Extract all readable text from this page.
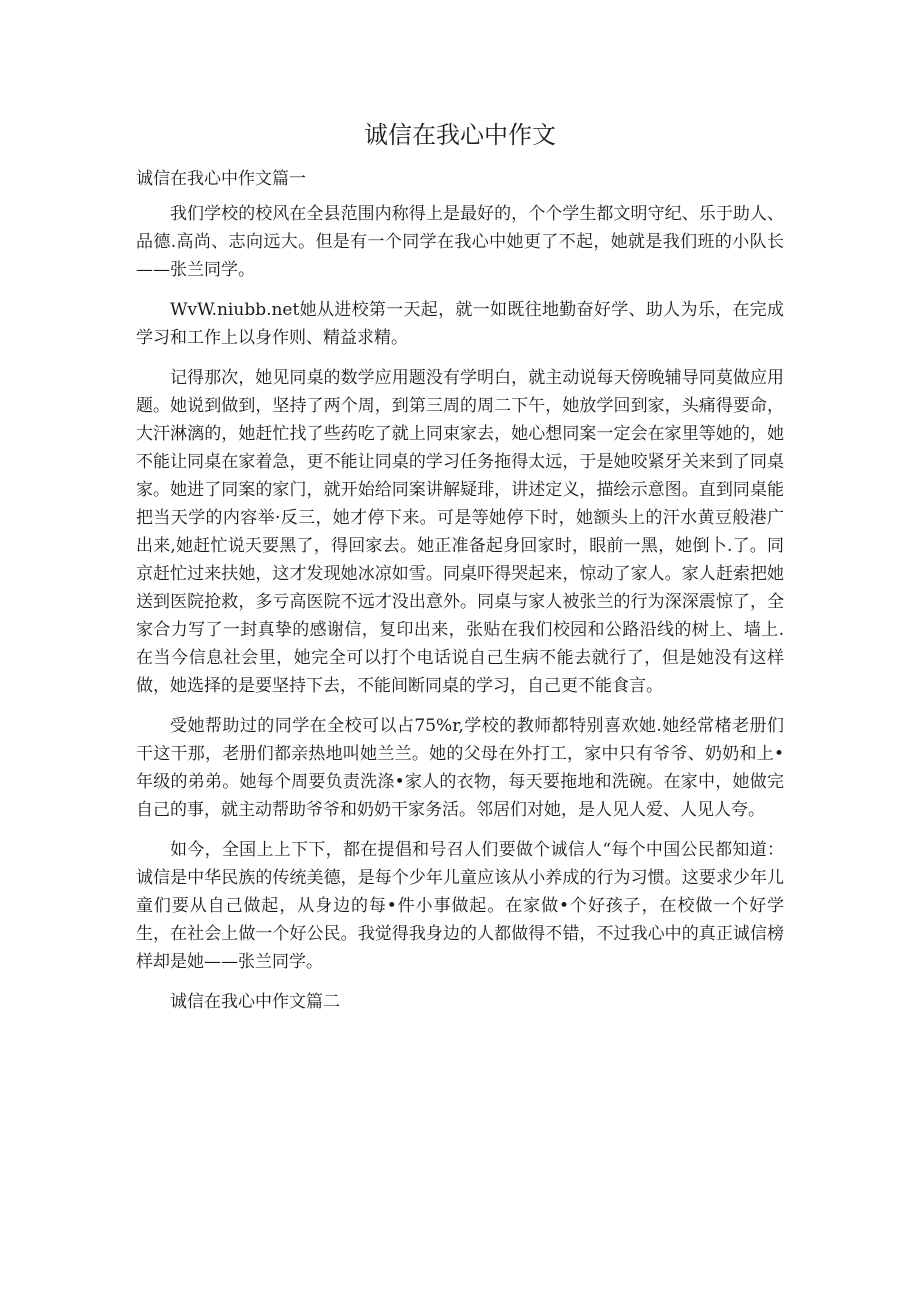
诚信在我心中作文
诚信在我心中作文篇一

我们学校的校风在全县范围内称得上是最好的，个个学生都文明守纪、乐于助人、品德.高尚、志向远大。但是有一个同学在我心中她更了不起，她就是我们班的小队长——张兰同学。

WvW.niubb.net她从进校第一天起，就一如既往地勤奋好学、助人为乐，在完成学习和工作上以身作则、精益求精。

记得那次，她见同桌的数学应用题没有学明白，就主动说每天傍晚辅导同莫做应用题。她说到做到，坚持了两个周，到第三周的周二下午，她放学回到家，头痛得要命，大汗淋漓的，她赶忙找了些药吃了就上同束家去，她心想同案一定会在家里等她的，她不能让同桌在家着急，更不能让同桌的学习任务拖得太远，于是她咬紧牙关来到了同桌家。她进了同案的家门，就开始给同案讲解疑琲，讲述定义，描绘示意图。直到同桌能把当天学的内容举·反三，她才停下来。可是等她停下时，她额头上的汗水黄豆般港广出来,她赶忙说天要黑了，得回家去。她正准备起身回家时，眼前一黑，她倒卜.了。同京赶忙过来扶她，这才发现她冰凉如雪。同桌吓得哭起来，惊动了家人。家人赶索把她送到医院抢救，多亏高医院不远才没出意外。同桌与家人被张兰的行为深深震惊了，全家合力写了一封真挚的感谢信，复印出来，张贴在我们校园和公路沿线的树上、墙上.在当今信息社会里，她完全可以打个电话说自己生病不能去就行了，但是她没有这样做，她选择的是要坚持下去，不能间断同桌的学习，自己更不能食言。

受她帮助过的同学在全校可以占75%r,学校的教师都特别喜欢她.她经常楮老册们干这干那，老册们都亲热地叫她兰兰。她的父母在外打工，家中只有爷爷、奶奶和上•年级的弟弟。她每个周要负责洗涤•家人的衣物，每天要拖地和洗碗。在家中，她做完自己的事，就主动帮助爷爷和奶奶干家务活。邻居们对她，是人见人爱、人见人夸。

如今，全国上上下下，都在提倡和号召人们要做个诚信人“每个中国公民都知道：诚信是中华民族的传统美德，是每个少年儿童应该从小养成的行为习惯。这要求少年儿童们要从自己做起，从身边的每•件小事做起。在家做•个好孩子，在校做一个好学生，在社会上做一个好公民。我觉得我身边的人都做得不错，不过我心中的真正诚信榜样却是她——张兰同学。

诚信在我心中作文篇二
